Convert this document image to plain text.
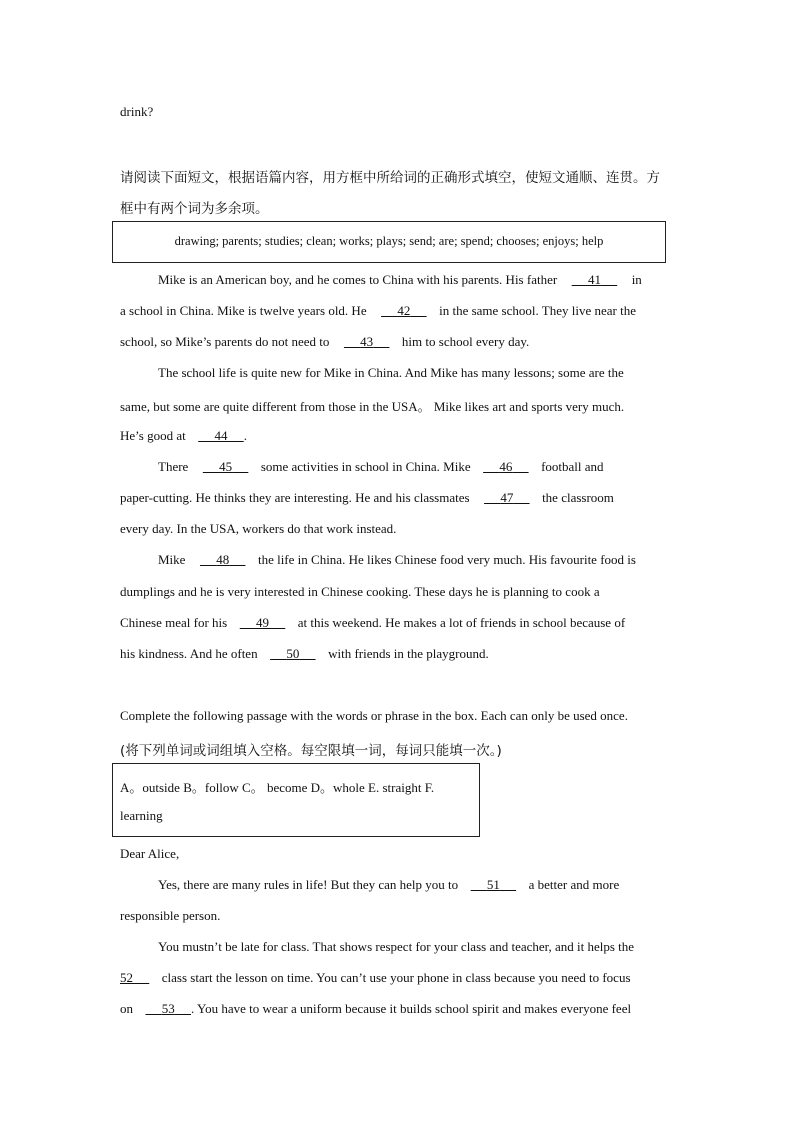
drink?
请阅读下面短文，根据语篇内容，用方框中所给词的正确形式填空，使短文通顺、连贯。方
框中有两个词为多余项。
drawing; parents; studies; clean; works; plays; send; are; spend; chooses; enjoys; help
Mike is an American boy, and he comes to China with his parents. His father 41 in
a school in China. Mike is twelve years old. He 42 in the same school. They live near the
school, so Mike’s parents do not need to 43 him to school every day.
The school life is quite new for Mike in China. And Mike has many lessons; some are the
same, but some are quite different from those in the USA。 Mike likes art and sports very much.
He’s good at 44 .
There 45 some activities in school in China. Mike 46 football and
paper-cutting. He thinks they are interesting. He and his classmates 47 the classroom
every day. In the USA, workers do that work instead.
Mike 48 the life in China. He likes Chinese food very much. His favourite food is
dumplings and he is very interested in Chinese cooking. These days he is planning to cook a
Chinese meal for his 49 at this weekend. He makes a lot of friends in school because of
his kindness. And he often 50 with friends in the playground.
Complete the following passage with the words or phrase in the box. Each can only be used once.
(将下列单词或词组填入空格。每空限填一词，每词只能填一次。)
A。outside B。follow C。 become D。whole E. straight F.
learning
Dear Alice,
Yes, there are many rules in life! But they can help you to 51 a better and more
responsible person.
You mustn’t be late for class. That shows respect for your class and teacher, and it helps the
52 class start the lesson on time. You can’t use your phone in class because you need to focus
on 53 . You have to wear a uniform because it builds school spirit and makes everyone feel
